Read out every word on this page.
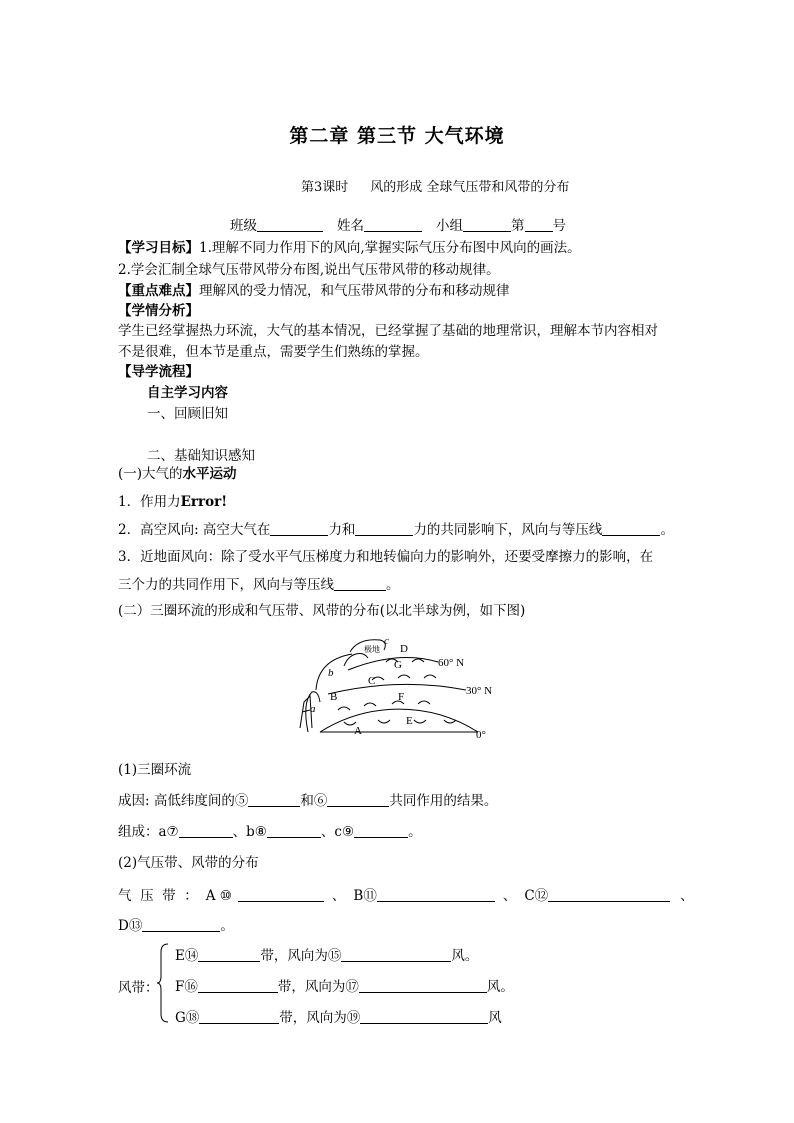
第二章 第三节 大气环境
第3课时 风的形成 全球气压带和风带的分布
班级	姓名	小组	第 号
【学习目标】1.理解不同力作用下的风向,掌握实际气压分布图中风向的画法。
2.学会汇制全球气压带风带分布图,说出气压带风带的移动规律。
【重点难点】理解风的受力情况，和气压带风带的分布和移动规律
【学情分析】
学生已经掌握热力环流，大气的基本情况，已经掌握了基础的地理常识，理解本节内容相对
不是很难，但本节是重点，需要学生们熟练的掌握。
【导学流程】
自主学习内容
一、回顾旧知
二、基础知识感知
(一)大气的水平运动
1．作用力Error!
2．高空风向: 高空大气在	力和	力的共同影响下，风向与等压线	。
3．近地面风向：除了受水平气压梯度力和地转偏向力的影响外，还要受摩擦力的影响，在
三个力的共同作用下，风向与等压线	。
(二）三圈环流的形成和气压带、风带的分布(以北半球为例，如下图)
60° N
30° N
0°
A
B
C
D
E
F
G
a
b
c
极地
(1)三圈环流
成因: 高低纬度间的⑤	和⑥	共同作用的结果。
组成：a⑦	、b⑧	、c⑨	。
(2)气压带、风带的分布
气  压  带  ： A ⑩	、 B⑪	、 C⑫	、
D⑬	。
风带：
E⑭	带，风向为⑮	风。
F⑯	带，风向为⑰	风。
G⑱	带，风向为⑲	风
